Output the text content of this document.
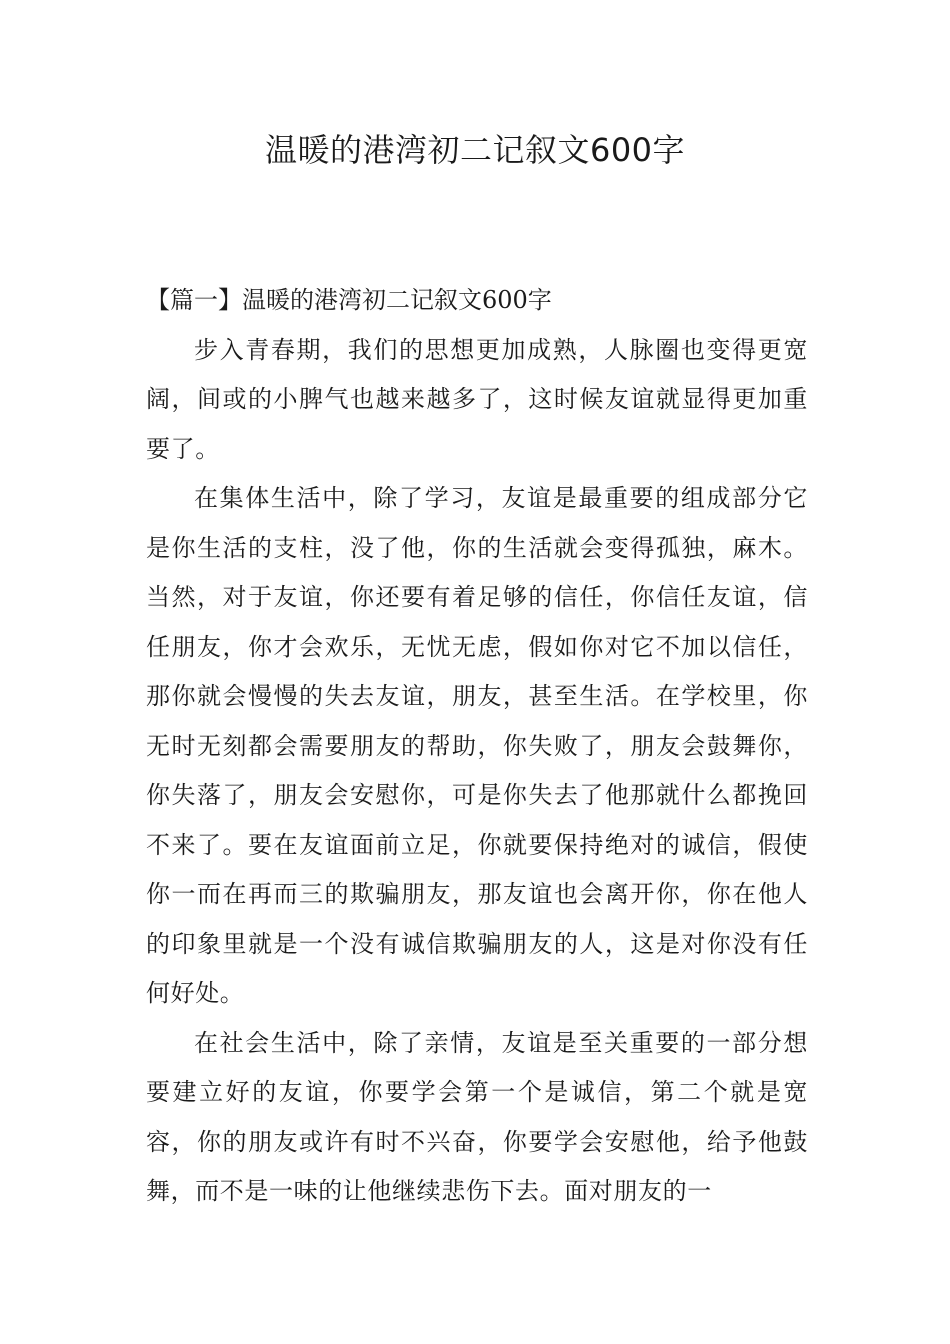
温暖的港湾初二记叙文600字
【篇一】温暖的港湾初二记叙文600字

步入青春期，我们的思想更加成熟，人脉圈也变得更宽阔，间或的小脾气也越来越多了，这时候友谊就显得更加重要了。

在集体生活中，除了学习，友谊是最重要的组成部分它是你生活的支柱，没了他，你的生活就会变得孤独，麻木。当然，对于友谊，你还要有着足够的信任，你信任友谊，信任朋友，你才会欢乐，无忧无虑，假如你对它不加以信任，那你就会慢慢的失去友谊，朋友，甚至生活。在学校里，你无时无刻都会需要朋友的帮助，你失败了，朋友会鼓舞你，你失落了，朋友会安慰你，可是你失去了他那就什么都挽回不来了。要在友谊面前立足，你就要保持绝对的诚信，假使你一而在再而三的欺骗朋友，那友谊也会离开你，你在他人的印象里就是一个没有诚信欺骗朋友的人，这是对你没有任何好处。

在社会生活中，除了亲情，友谊是至关重要的一部分想要建立好的友谊，你要学会第一个是诚信，第二个就是宽容，你的朋友或许有时不兴奋，你要学会安慰他，给予他鼓舞，而不是一味的让他继续悲伤下去。面对朋友的一
